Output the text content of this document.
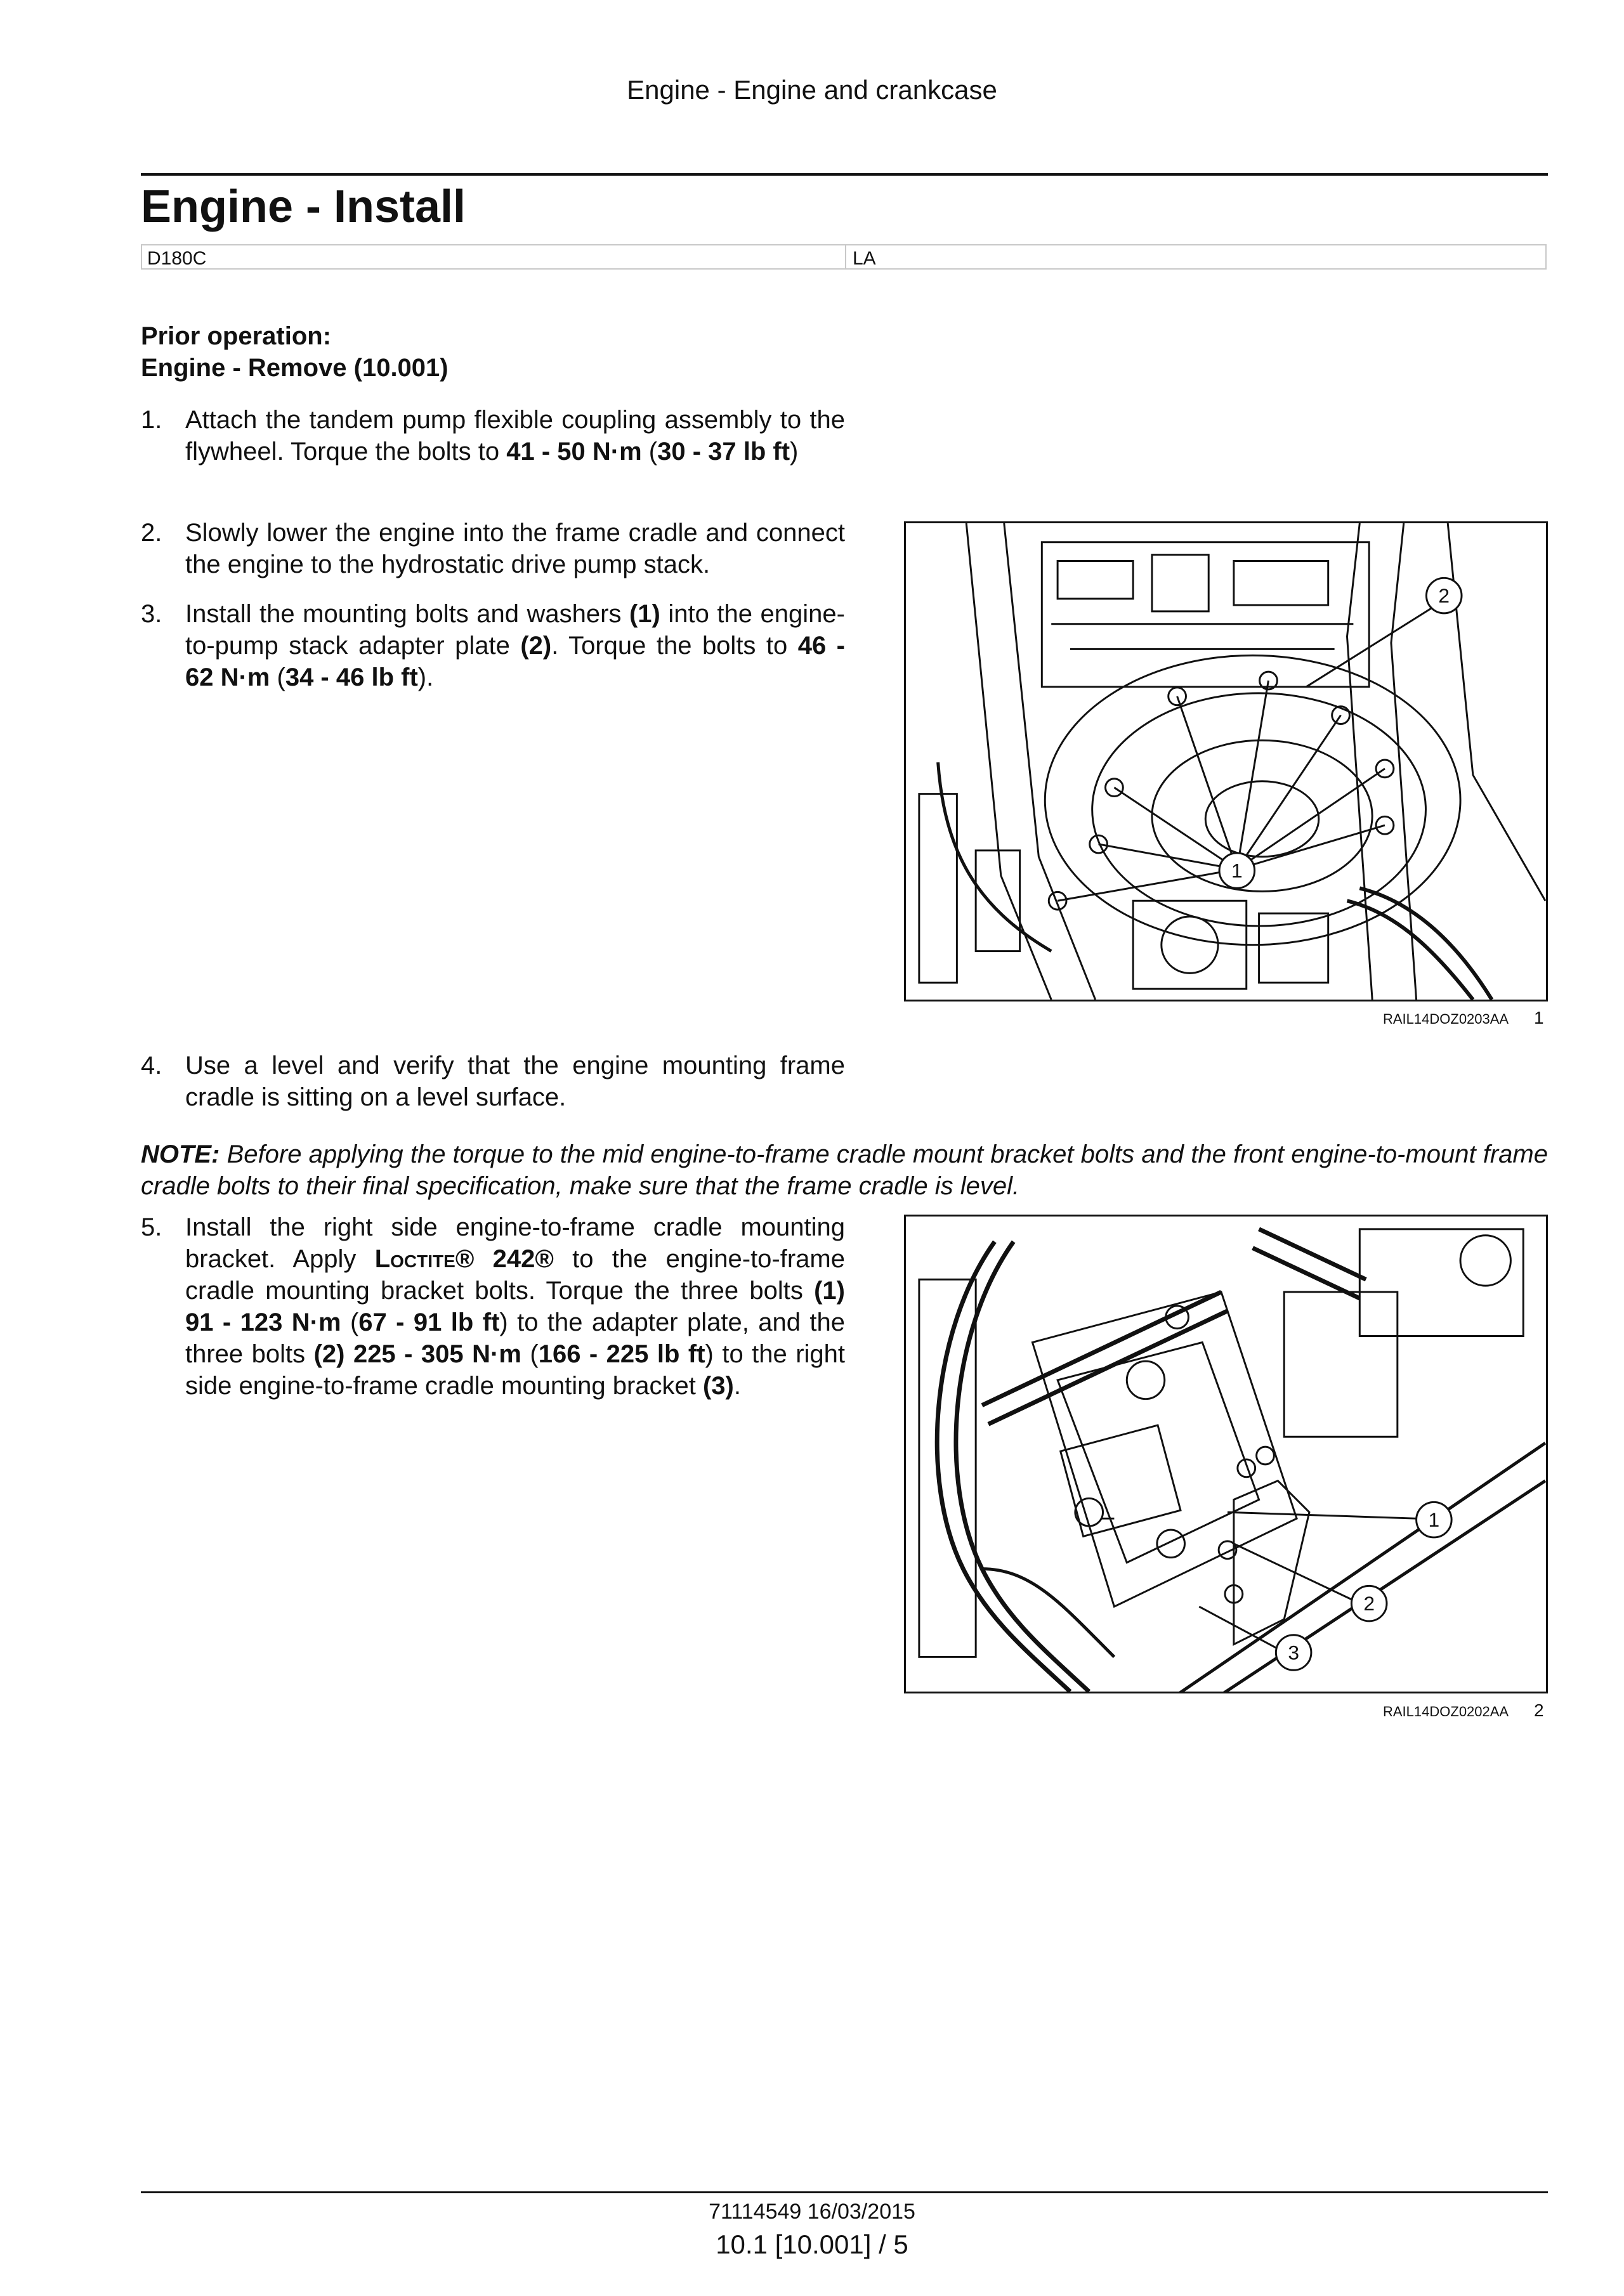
Engine - Engine and crankcase
Engine - Install
D180C	LA
Prior operation:
Engine - Remove (10.001)
1. Attach the tandem pump flexible coupling assembly to the flywheel. Torque the bolts to 41 - 50 N·m (30 - 37 lb ft)
2. Slowly lower the engine into the frame cradle and connect the engine to the hydrostatic drive pump stack.
3. Install the mounting bolts and washers (1) into the engine-to-pump stack adapter plate (2). Torque the bolts to 46 - 62 N·m (34 - 46 lb ft).
1
2
RAIL14DOZ0203AA 1
4. Use a level and verify that the engine mounting frame cradle is sitting on a level surface.
NOTE: Before applying the torque to the mid engine-to-frame cradle mount bracket bolts and the front engine-to-mount frame cradle bolts to their final specification, make sure that the frame cradle is level.
5. Install the right side engine-to-frame cradle mounting bracket. Apply Loctite® 242® to the engine-to-frame cradle mounting bracket bolts. Torque the three bolts (1) 91 - 123 N·m (67 - 91 lb ft) to the adapter plate, and the three bolts (2) 225 - 305 N·m (166 - 225 lb ft) to the right side engine-to-frame cradle mounting bracket (3).
1
2
3
RAIL14DOZ0202AA 2
71114549 16/03/2015
10.1 [10.001] / 5
